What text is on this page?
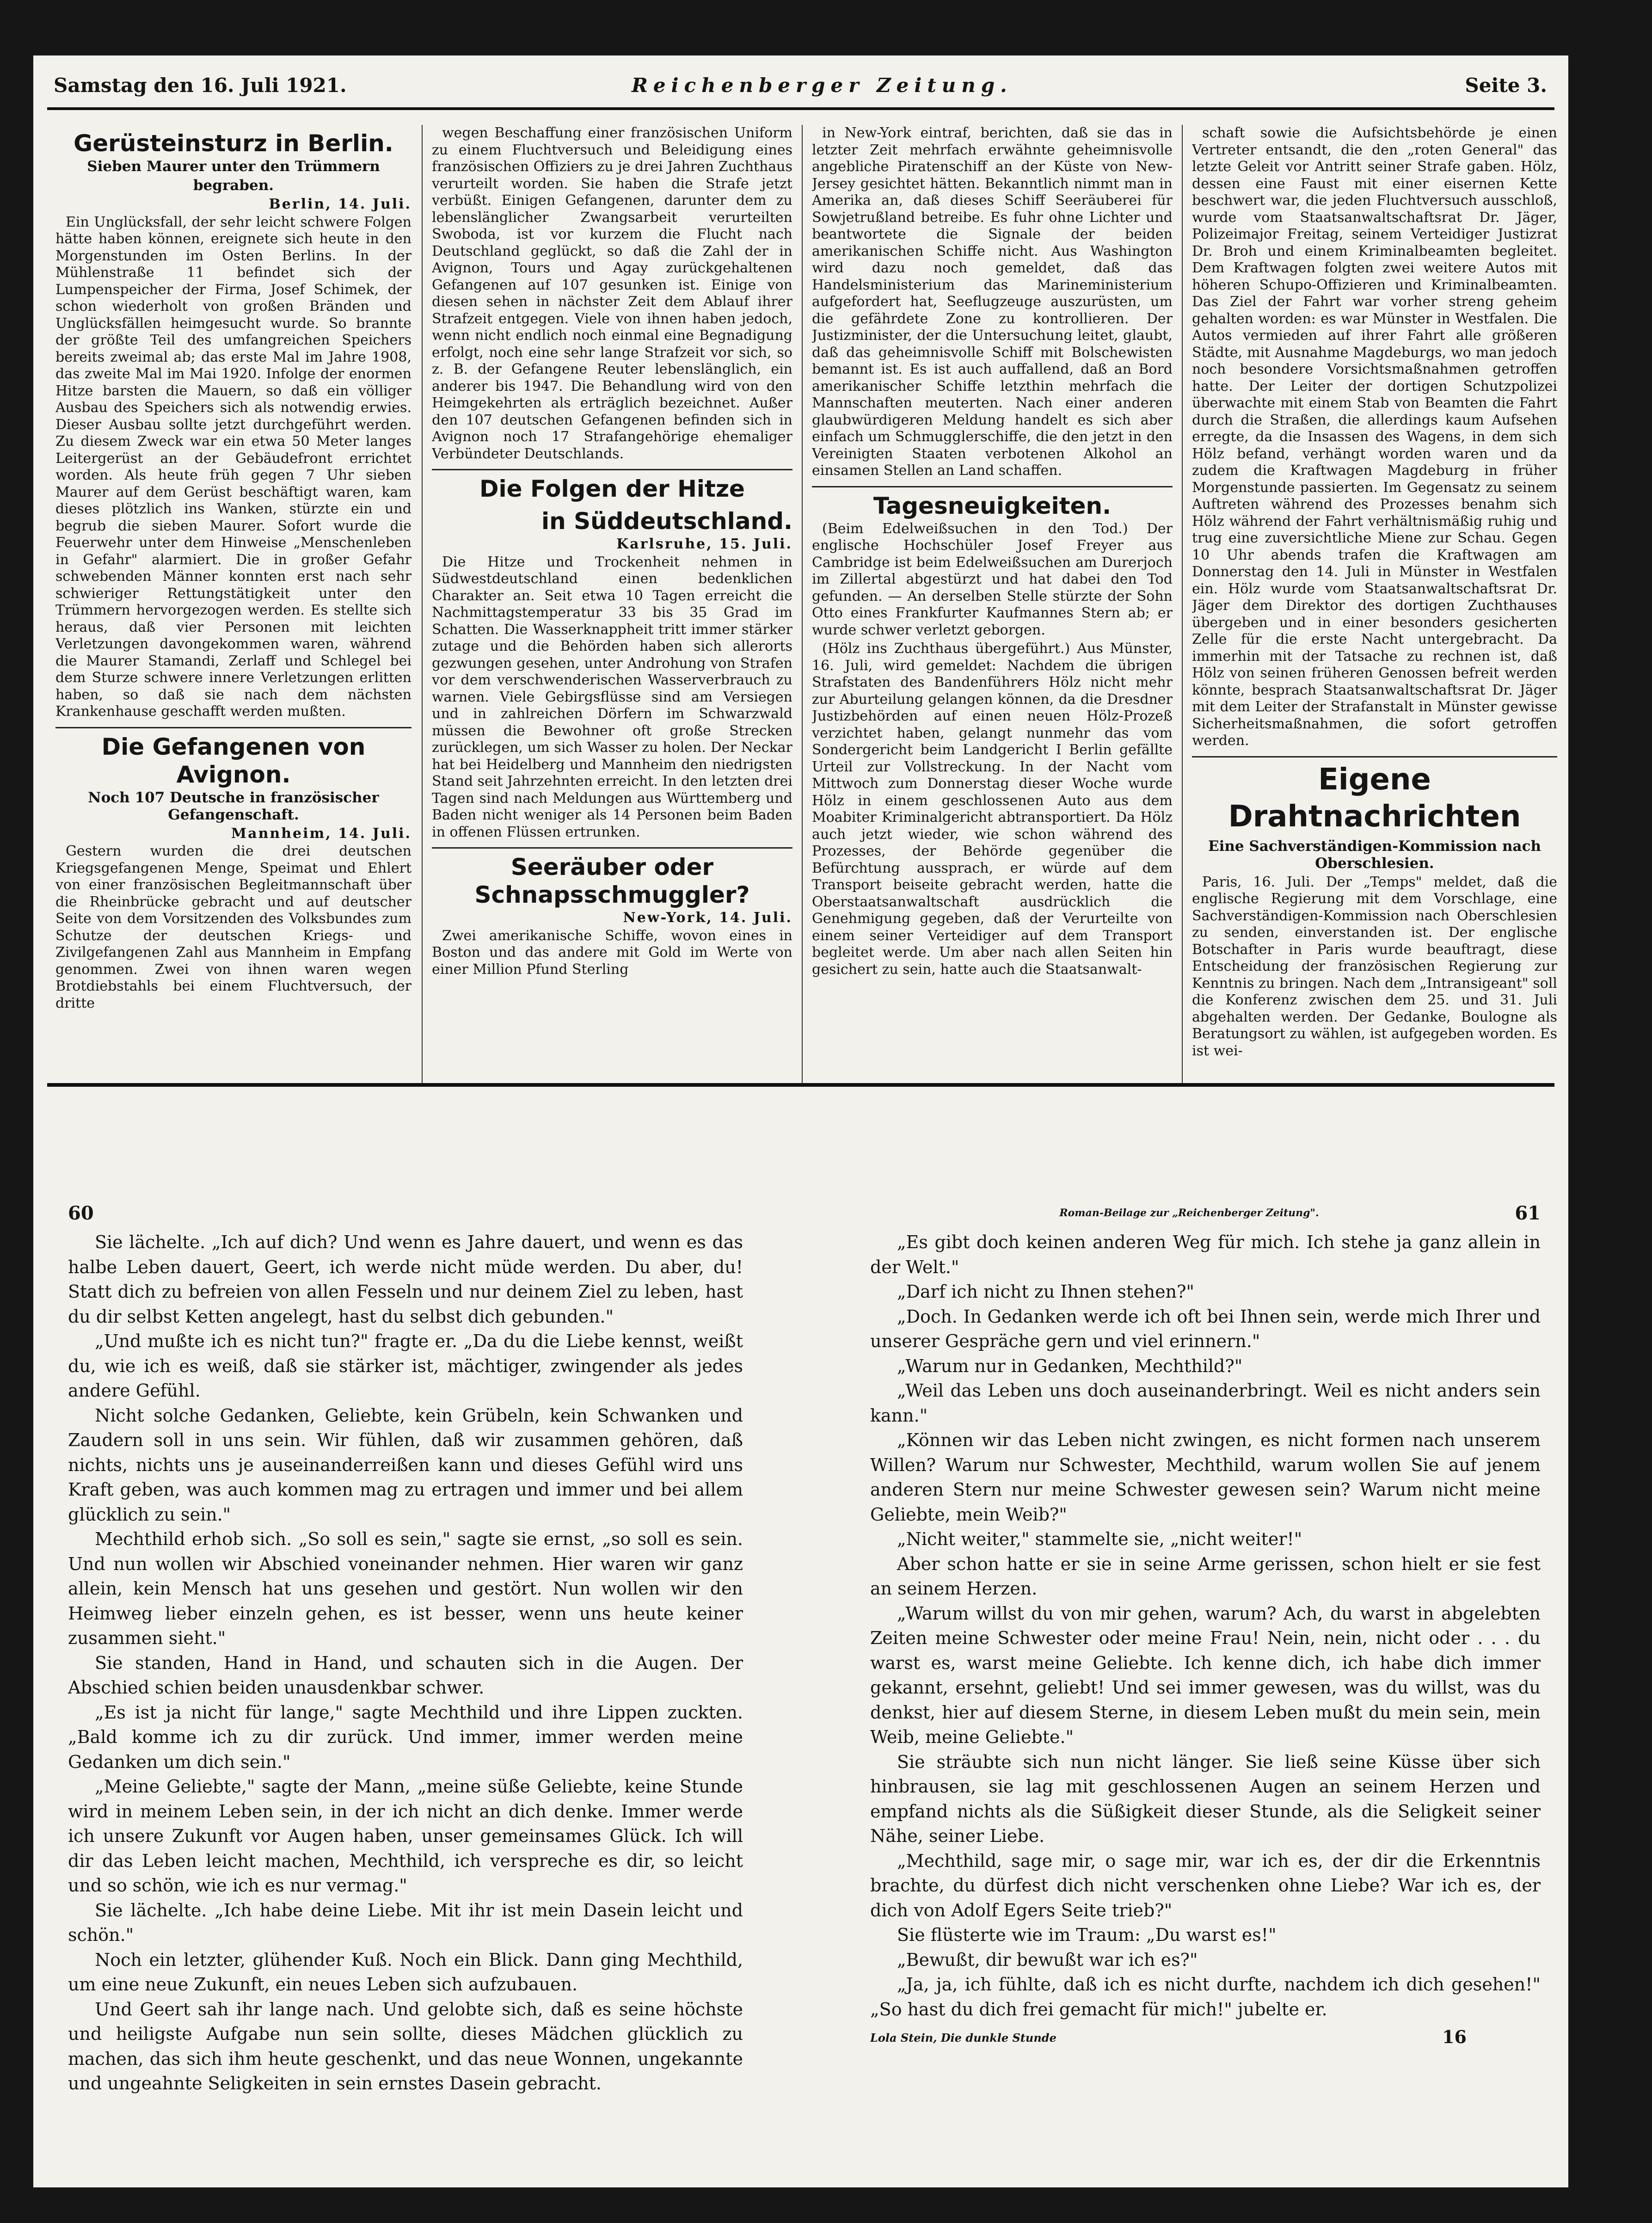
Samstag den 16. Juli 1921.	Reichenberger Zeitung.	Seite 3.
Gerüsteinsturz in Berlin.

Sieben Maurer unter den Trümmern

begraben.

Berlin, 14. Juli.

Ein Unglücksfall, der sehr leicht schwere Folgen hätte haben können, ereignete sich heute in den Morgenstunden im Osten Berlins. In der Mühlenstraße 11 befindet sich der Lumpenspeicher der Firma, Josef Schimek, der schon wiederholt von großen Bränden und Unglücksfällen heimgesucht wurde. So brannte der größte Teil des umfangreichen Speichers bereits zweimal ab; das erste Mal im Jahre 1908, das zweite Mal im Mai 1920. Infolge der enormen Hitze barsten die Mauern, so daß ein völliger Ausbau des Speichers sich als notwendig erwies. Dieser Ausbau sollte jetzt durchgeführt werden. Zu diesem Zweck war ein etwa 50 Meter langes Leitergerüst an der Gebäudefront errichtet worden. Als heute früh gegen 7 Uhr sieben Maurer auf dem Gerüst beschäftigt waren, kam dieses plötzlich ins Wanken, stürzte ein und begrub die sieben Maurer. Sofort wurde die Feuerwehr unter dem Hinweise „Menschenleben in Gefahr" alarmiert. Die in großer Gefahr schwebenden Männer konnten erst nach sehr schwieriger Rettungstätigkeit unter den Trümmern hervorgezogen werden. Es stellte sich heraus, daß vier Personen mit leichten Verletzungen davongekommen waren, während die Maurer Stamandi, Zerlaff und Schlegel bei dem Sturze schwere innere Verletzungen erlitten haben, so daß sie nach dem nächsten Krankenhause geschafft werden mußten.

Die Gefangenen von Avignon.

Noch 107 Deutsche in französischer Gefangenschaft.

Mannheim, 14. Juli.

Gestern wurden die drei deutschen Kriegsgefangenen Menge, Speimat und Ehlert von einer französischen Begleitmannschaft über die Rheinbrücke gebracht und auf deutscher Seite von dem Vorsitzenden des Volksbundes zum Schutze der deutschen Kriegs- und Zivilgefangenen Zahl aus Mannheim in Empfang genommen. Zwei von ihnen waren wegen Brotdiebstahls bei einem Fluchtversuch, der dritte

wegen Beschaffung einer französischen Uniform zu einem Fluchtversuch und Beleidigung eines französischen Offiziers zu je drei Jahren Zuchthaus verurteilt worden. Sie haben die Strafe jetzt verbüßt. Einigen Gefangenen, darunter dem zu lebenslänglicher Zwangsarbeit verurteilten Swoboda, ist vor kurzem die Flucht nach Deutschland geglückt, so daß die Zahl der in Avignon, Tours und Agay zurückgehaltenen Gefangenen auf 107 gesunken ist. Einige von diesen sehen in nächster Zeit dem Ablauf ihrer Strafzeit entgegen. Viele von ihnen haben jedoch, wenn nicht endlich noch einmal eine Begnadigung erfolgt, noch eine sehr lange Strafzeit vor sich, so z. B. der Gefangene Reuter lebenslänglich, ein anderer bis 1947. Die Behandlung wird von den Heimgekehrten als erträglich bezeichnet. Außer den 107 deutschen Gefangenen befinden sich in Avignon noch 17 Strafangehörige ehemaliger Verbündeter Deutschlands.

Die Folgen der Hitze
in Süddeutschland.

Karlsruhe, 15. Juli.

Die Hitze und Trockenheit nehmen in Südwestdeutschland einen bedenklichen Charakter an. Seit etwa 10 Tagen erreicht die Nachmittagstemperatur 33 bis 35 Grad im Schatten. Die Wasserknappheit tritt immer stärker zutage und die Behörden haben sich allerorts gezwungen gesehen, unter Androhung von Strafen vor dem verschwenderischen Wasserverbrauch zu warnen. Viele Gebirgsflüsse sind am Versiegen und in zahlreichen Dörfern im Schwarzwald müssen die Bewohner oft große Strecken zurücklegen, um sich Wasser zu holen. Der Neckar hat bei Heidelberg und Mannheim den niedrigsten Stand seit Jahrzehnten erreicht. In den letzten drei Tagen sind nach Meldungen aus Württemberg und Baden nicht weniger als 14 Personen beim Baden in offenen Flüssen ertrunken.

Seeräuber oder Schnapsschmuggler?

New-York, 14. Juli.

Zwei amerikanische Schiffe, wovon eines in Boston und das andere mit Gold im Werte von einer Million Pfund Sterling

in New-York eintraf, berichten, daß sie das in letzter Zeit mehrfach erwähnte geheimnisvolle angebliche Piratenschiff an der Küste von New-Jersey gesichtet hätten. Bekanntlich nimmt man in Amerika an, daß dieses Schiff Seeräuberei für Sowjetrußland betreibe. Es fuhr ohne Lichter und beantwortete die Signale der beiden amerikanischen Schiffe nicht. Aus Washington wird dazu noch gemeldet, daß das Handelsministerium das Marineministerium aufgefordert hat, Seeflugzeuge auszurüsten, um die gefährdete Zone zu kontrollieren. Der Justizminister, der die Untersuchung leitet, glaubt, daß das geheimnisvolle Schiff mit Bolschewisten bemannt ist. Es ist auch auffallend, daß an Bord amerikanischer Schiffe letzthin mehrfach die Mannschaften meuterten. Nach einer anderen glaubwürdigeren Meldung handelt es sich aber einfach um Schmugglerschiffe, die den jetzt in den Vereinigten Staaten verbotenen Alkohol an einsamen Stellen an Land schaffen.

Tagesneuigkeiten.

(Beim Edelweißsuchen in den Tod.) Der englische Hochschüler Josef Freyer aus Cambridge ist beim Edelweißsuchen am Durerjoch im Zillertal abgestürzt und hat dabei den Tod gefunden. — An derselben Stelle stürzte der Sohn Otto eines Frankfurter Kaufmannes Stern ab; er wurde schwer verletzt geborgen.

(Hölz ins Zuchthaus übergeführt.) Aus Münster, 16. Juli, wird gemeldet: Nachdem die übrigen Strafstaten des Bandenführers Hölz nicht mehr zur Aburteilung gelangen können, da die Dresdner Justizbehörden auf einen neuen Hölz-Prozeß verzichtet haben, gelangt nunmehr das vom Sondergericht beim Landgericht I Berlin gefällte Urteil zur Vollstreckung. In der Nacht vom Mittwoch zum Donnerstag dieser Woche wurde Hölz in einem geschlossenen Auto aus dem Moabiter Kriminalgericht abtransportiert. Da Hölz auch jetzt wieder, wie schon während des Prozesses, der Behörde gegenüber die Befürchtung aussprach, er würde auf dem Transport beiseite gebracht werden, hatte die Oberstaatsanwaltschaft ausdrücklich die Genehmigung gegeben, daß der Verurteilte von einem seiner Verteidiger auf dem Transport begleitet werde. Um aber nach allen Seiten hin gesichert zu sein, hatte auch die Staatsanwalt-

schaft sowie die Aufsichtsbehörde je einen Vertreter entsandt, die den „roten General" das letzte Geleit vor Antritt seiner Strafe gaben. Hölz, dessen eine Faust mit einer eisernen Kette beschwert war, die jeden Fluchtversuch ausschloß, wurde vom Staatsanwaltschaftsrat Dr. Jäger, Polizeimajor Freitag, seinem Verteidiger Justizrat Dr. Broh und einem Kriminalbeamten begleitet. Dem Kraftwagen folgten zwei weitere Autos mit höheren Schupo-Offizieren und Kriminalbeamten. Das Ziel der Fahrt war vorher streng geheim gehalten worden: es war Münster in Westfalen. Die Autos vermieden auf ihrer Fahrt alle größeren Städte, mit Ausnahme Magdeburgs, wo man jedoch noch besondere Vorsichtsmaßnahmen getroffen hatte. Der Leiter der dortigen Schutzpolizei überwachte mit einem Stab von Beamten die Fahrt durch die Straßen, die allerdings kaum Aufsehen erregte, da die Insassen des Wagens, in dem sich Hölz befand, verhängt worden waren und da zudem die Kraftwagen Magdeburg in früher Morgenstunde passierten. Im Gegensatz zu seinem Auftreten während des Prozesses benahm sich Hölz während der Fahrt verhältnismäßig ruhig und trug eine zuversichtliche Miene zur Schau. Gegen 10 Uhr abends trafen die Kraftwagen am Donnerstag den 14. Juli in Münster in Westfalen ein. Hölz wurde vom Staatsanwaltschaftsrat Dr. Jäger dem Direktor des dortigen Zuchthauses übergeben und in einer besonders gesicherten Zelle für die erste Nacht untergebracht. Da immerhin mit der Tatsache zu rechnen ist, daß Hölz von seinen früheren Genossen befreit werden könnte, besprach Staatsanwaltschaftsrat Dr. Jäger mit dem Leiter der Strafanstalt in Münster gewisse Sicherheitsmaßnahmen, die sofort getroffen werden.

Eigene Drahtnachrichten

Eine Sachverständigen-Kommission nach Oberschlesien.

Paris, 16. Juli. Der „Temps" meldet, daß die englische Regierung mit dem Vorschlage, eine Sachverständigen-Kommission nach Oberschlesien zu senden, einverstanden ist. Der englische Botschafter in Paris wurde beauftragt, diese Entscheidung der französischen Regierung zur Kenntnis zu bringen. Nach dem „Intransigeant" soll die Konferenz zwischen dem 25. und 31. Juli abgehalten werden. Der Gedanke, Boulogne als Beratungsort zu wählen, ist aufgegeben worden. Es ist wei-

60

Sie lächelte. „Ich auf dich? Und wenn es Jahre dauert, und wenn es das halbe Leben dauert, Geert, ich werde nicht müde werden. Du aber, du! Statt dich zu befreien von allen Fesseln und nur deinem Ziel zu leben, hast du dir selbst Ketten angelegt, hast du selbst dich gebunden."

„Und mußte ich es nicht tun?" fragte er. „Da du die Liebe kennst, weißt du, wie ich es weiß, daß sie stärker ist, mächtiger, zwingender als jedes andere Gefühl.

Nicht solche Gedanken, Geliebte, kein Grübeln, kein Schwanken und Zaudern soll in uns sein. Wir fühlen, daß wir zusammen gehören, daß nichts, nichts uns je auseinanderreißen kann und dieses Gefühl wird uns Kraft geben, was auch kommen mag zu ertragen und immer und bei allem glücklich zu sein."

Mechthild erhob sich. „So soll es sein," sagte sie ernst, „so soll es sein. Und nun wollen wir Abschied voneinander nehmen. Hier waren wir ganz allein, kein Mensch hat uns gesehen und gestört. Nun wollen wir den Heimweg lieber einzeln gehen, es ist besser, wenn uns heute keiner zusammen sieht."

Sie standen, Hand in Hand, und schauten sich in die Augen. Der Abschied schien beiden unausdenkbar schwer.

„Es ist ja nicht für lange," sagte Mechthild und ihre Lippen zuckten. „Bald komme ich zu dir zurück. Und immer, immer werden meine Gedanken um dich sein."

„Meine Geliebte," sagte der Mann, „meine süße Geliebte, keine Stunde wird in meinem Leben sein, in der ich nicht an dich denke. Immer werde ich unsere Zukunft vor Augen haben, unser gemeinsames Glück. Ich will dir das Leben leicht machen, Mechthild, ich verspreche es dir, so leicht und so schön, wie ich es nur vermag."

Sie lächelte. „Ich habe deine Liebe. Mit ihr ist mein Dasein leicht und schön."

Noch ein letzter, glühender Kuß. Noch ein Blick. Dann ging Mechthild, um eine neue Zukunft, ein neues Leben sich aufzubauen.

Und Geert sah ihr lange nach. Und gelobte sich, daß es seine höchste und heiligste Aufgabe nun sein sollte, dieses Mädchen glücklich zu machen, das sich ihm heute geschenkt, und das neue Wonnen, ungekannte und ungeahnte Seligkeiten in sein ernstes Dasein gebracht.

Roman-Beilage zur „Reichenberger Zeitung".	61

„Es gibt doch keinen anderen Weg für mich. Ich stehe ja ganz allein in der Welt."

„Darf ich nicht zu Ihnen stehen?"

„Doch. In Gedanken werde ich oft bei Ihnen sein, werde mich Ihrer und unserer Gespräche gern und viel erinnern."

„Warum nur in Gedanken, Mechthild?"

„Weil das Leben uns doch auseinanderbringt. Weil es nicht anders sein kann."

„Können wir das Leben nicht zwingen, es nicht formen nach unserem Willen? Warum nur Schwester, Mechthild, warum wollen Sie auf jenem anderen Stern nur meine Schwester gewesen sein? Warum nicht meine Geliebte, mein Weib?"

„Nicht weiter," stammelte sie, „nicht weiter!"

Aber schon hatte er sie in seine Arme gerissen, schon hielt er sie fest an seinem Herzen.

„Warum willst du von mir gehen, warum? Ach, du warst in abgelebten Zeiten meine Schwester oder meine Frau! Nein, nein, nicht oder . . . du warst es, warst meine Geliebte. Ich kenne dich, ich habe dich immer gekannt, ersehnt, geliebt! Und sei immer gewesen, was du willst, was du denkst, hier auf diesem Sterne, in diesem Leben mußt du mein sein, mein Weib, meine Geliebte."

Sie sträubte sich nun nicht länger. Sie ließ seine Küsse über sich hinbrausen, sie lag mit geschlossenen Augen an seinem Herzen und empfand nichts als die Süßigkeit dieser Stunde, als die Seligkeit seiner Nähe, seiner Liebe.

„Mechthild, sage mir, o sage mir, war ich es, der dir die Erkenntnis brachte, du dürfest dich nicht verschenken ohne Liebe? War ich es, der dich von Adolf Egers Seite trieb?"

Sie flüsterte wie im Traum: „Du warst es!"

„Bewußt, dir bewußt war ich es?"

„Ja, ja, ich fühlte, daß ich es nicht durfte, nachdem ich dich gesehen!" „So hast du dich frei gemacht für mich!" jubelte er.

Lola Stein, Die dunkle Stunde	16
